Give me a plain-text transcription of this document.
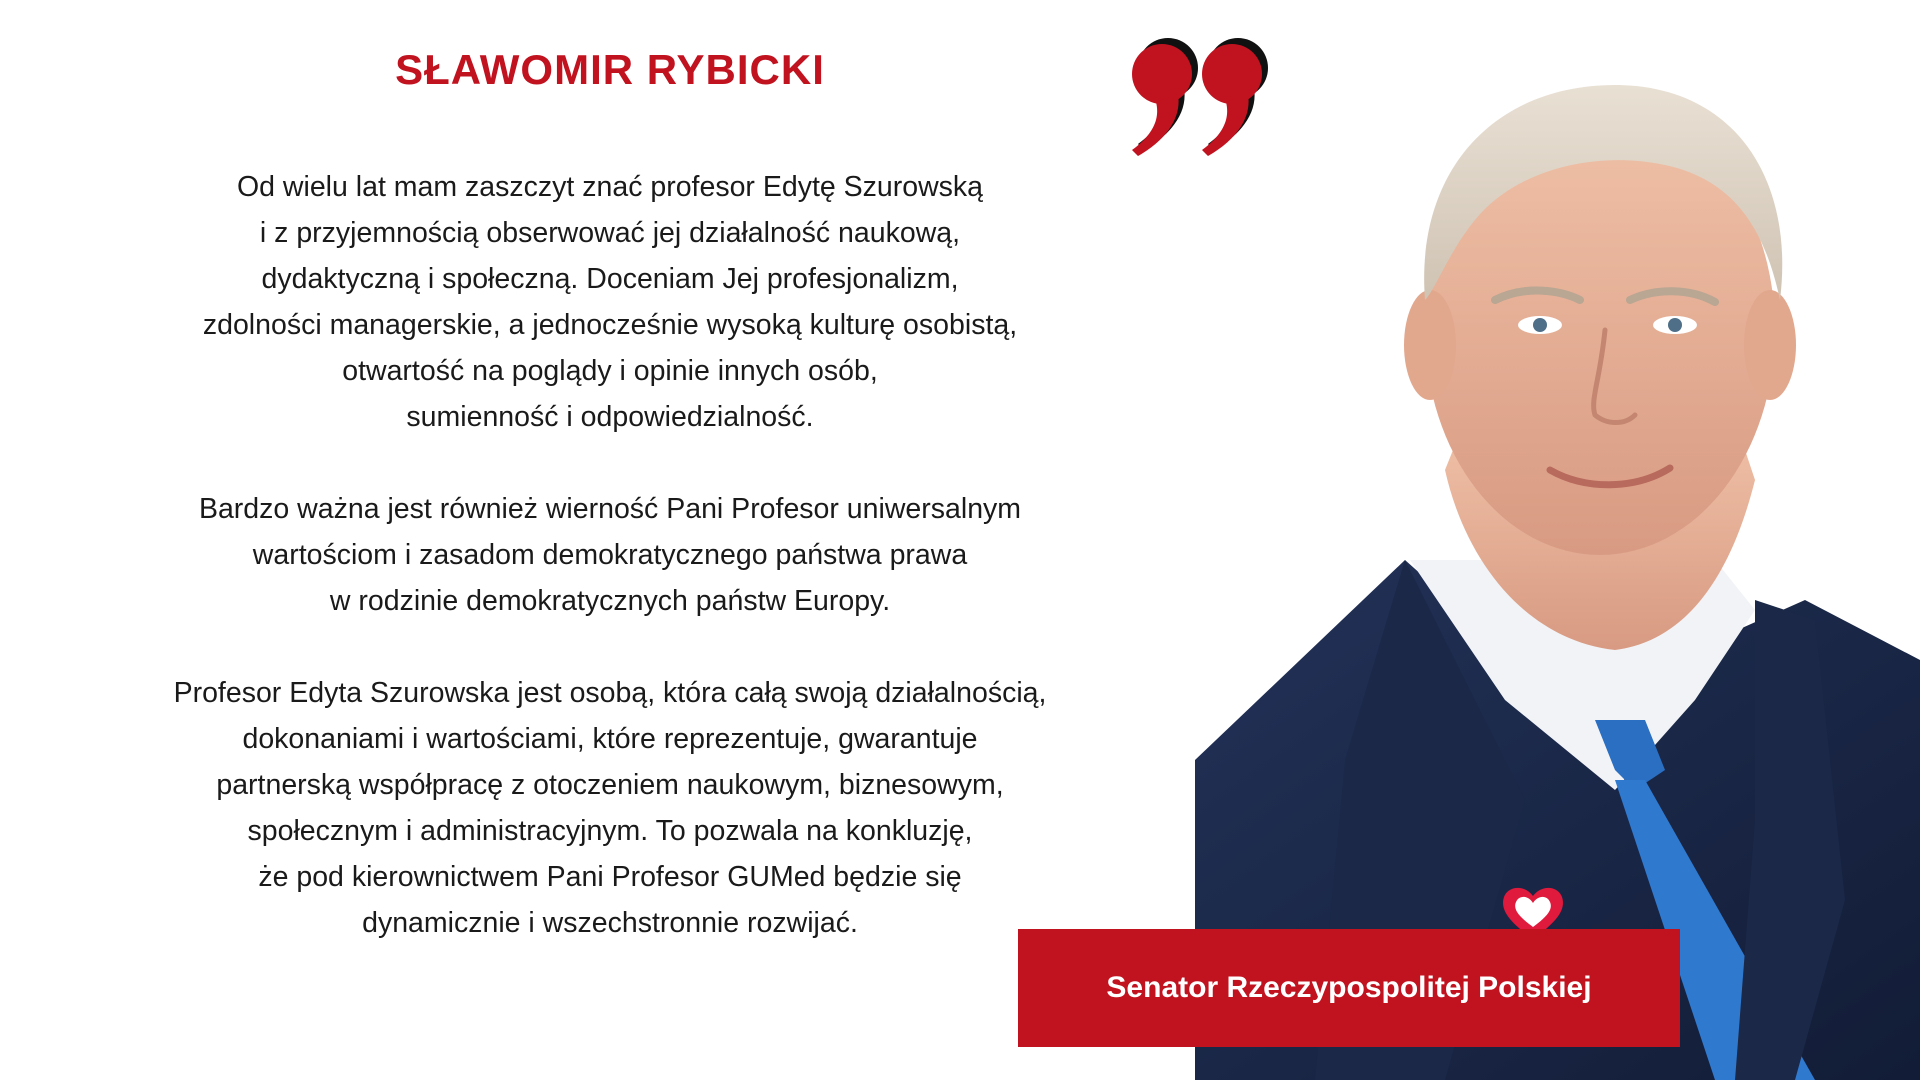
SŁAWOMIR RYBICKI

Od wielu lat mam zaszczyt znać profesor Edytę Szurowską
i z przyjemnością obserwować jej działalność naukową,
dydaktyczną i społeczną. Doceniam Jej profesjonalizm,
zdolności managerskie, a jednocześnie wysoką kulturę osobistą,
otwartość na poglądy i opinie innych osób,
sumienność i odpowiedzialność.

Bardzo ważna jest również wierność Pani Profesor uniwersalnym
wartościom i zasadom demokratycznego państwa prawa
w rodzinie demokratycznych państw Europy.

Profesor Edyta Szurowska jest osobą, która całą swoją działalnością,
dokonaniami i wartościami, które reprezentuje, gwarantuje
partnerską współpracę z otoczeniem naukowym, biznesowym,
społecznym i administracyjnym. To pozwala na konkluzję,
że pod kierownictwem Pani Profesor GUMed będzie się
dynamicznie i wszechstronnie rozwijać.

Senator Rzeczypospolitej Polskiej
